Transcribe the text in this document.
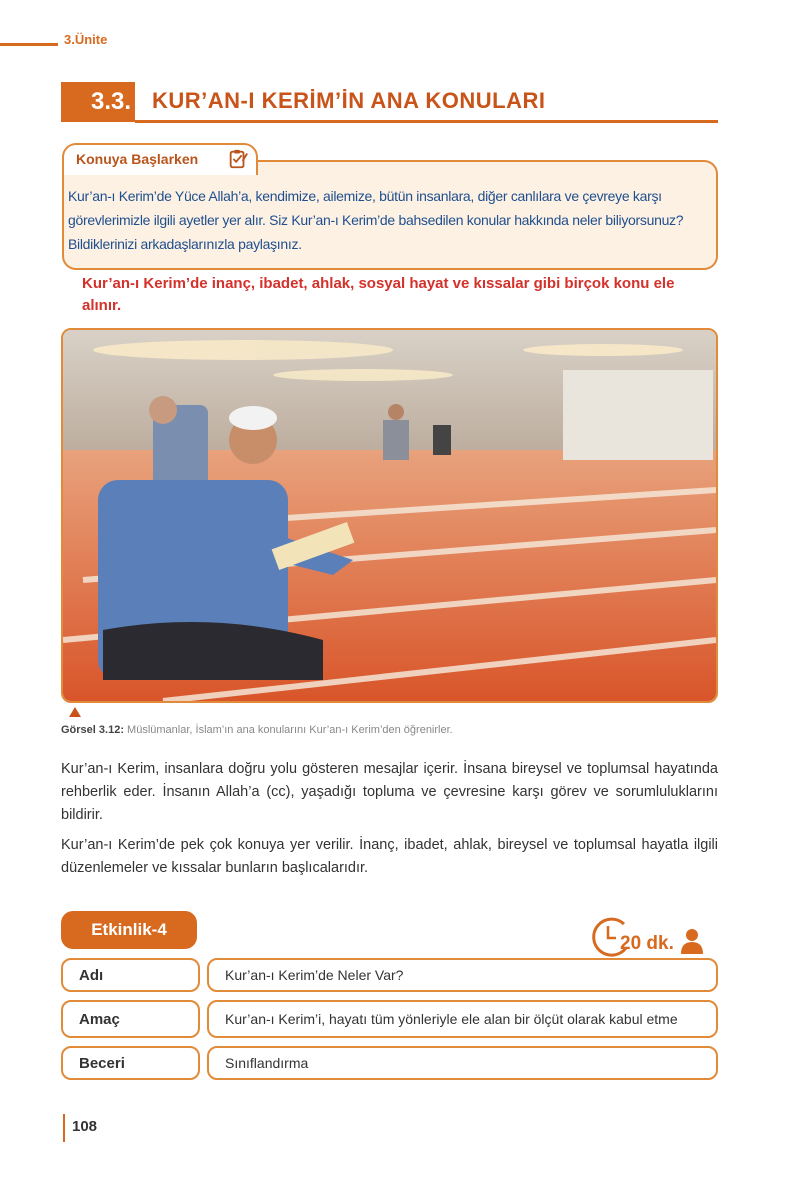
3.Ünite
3.3. KUR’AN-I KERİM’İN ANA KONULARI
Konuya Başlarken
Kur’an-ı Kerim’de Yüce Allah’a, kendimize, ailemize, bütün insanlara, diğer canlılara ve çevreye karşı görevlerimizle ilgili ayetler yer alır. Siz Kur’an-ı Kerim’de bahsedilen konular hakkında neler biliyorsunuz? Bildiklerinizi arkadaşlarınızla paylaşınız.
Kur’an-ı Kerim’de inanç, ibadet, ahlak, sosyal hayat ve kıssalar gibi birçok konu ele alınır.
Görsel 3.12: Müslümanlar, İslam’ın ana konularını Kur’an-ı Kerim’den öğrenirler.
Kur’an-ı Kerim, insanlara doğru yolu gösteren mesajlar içerir. İnsana bireysel ve toplumsal hayatında rehberlik eder. İnsanın Allah’a (cc), yaşadığı topluma ve çevresine karşı görev ve sorumluluklarını bildirir.
Kur’an-ı Kerim’de pek çok konuya yer verilir. İnanç, ibadet, ahlak, bireysel ve toplumsal hayatla ilgili düzenlemeler ve kıssalar bunların başlıcalarıdır.
Etkinlik-4
20 dk.
Adı	Kur’an-ı Kerim’de Neler Var?
Amaç	Kur’an-ı Kerim’i, hayatı tüm yönleriyle ele alan bir ölçüt olarak kabul etme
Beceri	Sınıflandırma
108
